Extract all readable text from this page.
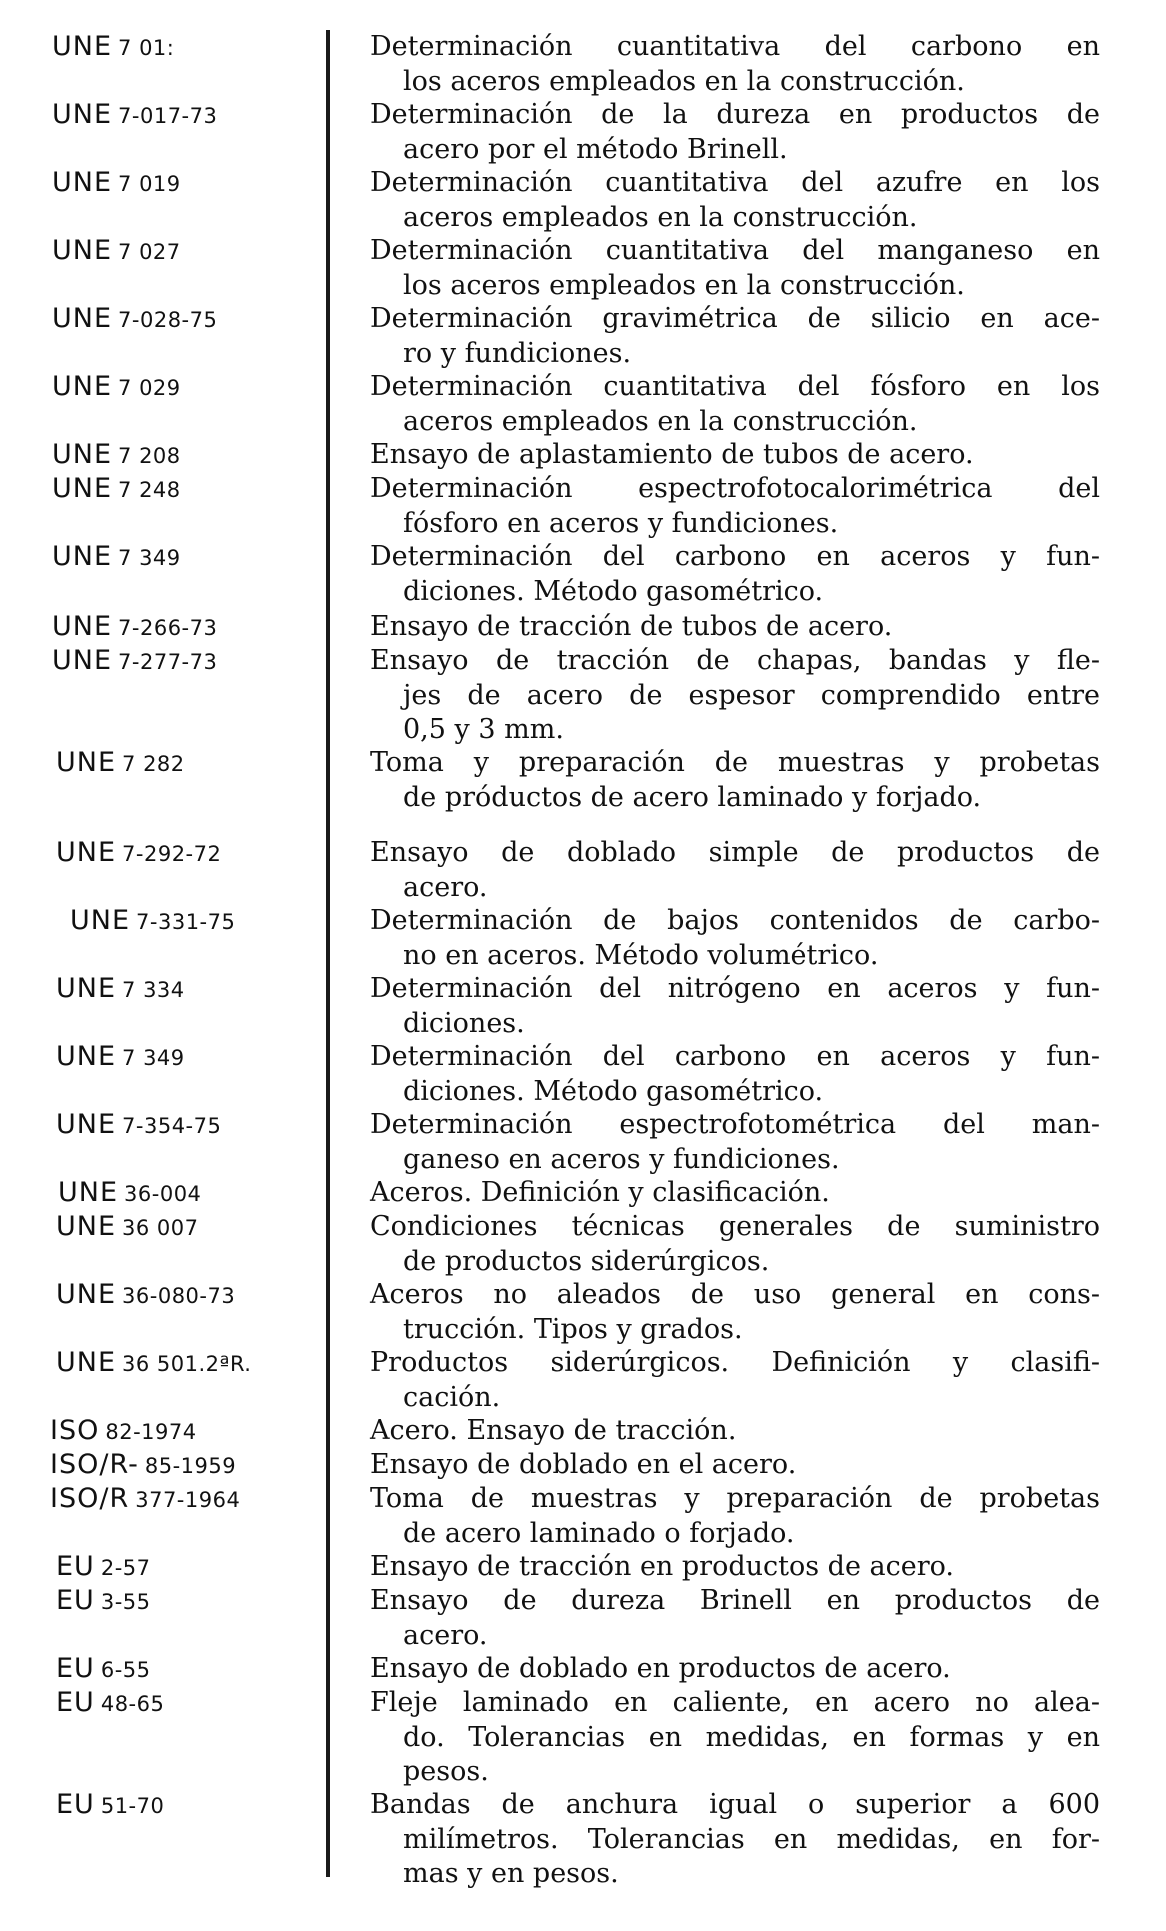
UNE 7 01:	Determinación cuantitativa del carbono en
los aceros empleados en la construcción.
UNE 7-017-73	Determinación de la dureza en productos de
acero por el método Brinell.
UNE 7 019	Determinación cuantitativa del azufre en los
aceros empleados en la construcción.
UNE 7 027	Determinación cuantitativa del manganeso en
los aceros empleados en la construcción.
UNE 7-028-75	Determinación gravimétrica de silicio en ace-
ro y fundiciones.
UNE 7 029	Determinación cuantitativa del fósforo en los
aceros empleados en la construcción.
UNE 7 208	Ensayo de aplastamiento de tubos de acero.
UNE 7 248	Determinación espectrofotocalorimétrica del
fósforo en aceros y fundiciones.
UNE 7 349	Determinación del carbono en aceros y fun-
diciones. Método gasométrico.
UNE 7-266-73	Ensayo de tracción de tubos de acero.
UNE 7-277-73	Ensayo de tracción de chapas, bandas y fle-
jes de acero de espesor comprendido entre
0,5 y 3 mm.
UNE 7 282	Toma y preparación de muestras y probetas
de próductos de acero laminado y forjado.
UNE 7-292-72	Ensayo de doblado simple de productos de
acero.
UNE 7-331-75	Determinación de bajos contenidos de carbo-
no en aceros. Método volumétrico.
UNE 7 334	Determinación del nitrógeno en aceros y fun-
diciones.
UNE 7 349	Determinación del carbono en aceros y fun-
diciones. Método gasométrico.
UNE 7-354-75	Determinación espectrofotométrica del man-
ganeso en aceros y fundiciones.
UNE 36-004	Aceros. Definición y clasificación.
UNE 36 007	Condiciones técnicas generales de suministro
de productos siderúrgicos.
UNE 36-080-73	Aceros no aleados de uso general en cons-
trucción. Tipos y grados.
UNE 36 501.2ªR.	Productos siderúrgicos. Definición y clasifi-
cación.
ISO 82-1974	Acero. Ensayo de tracción.
ISO/R- 85-1959	Ensayo de doblado en el acero.
ISO/R 377-1964	Toma de muestras y preparación de probetas
de acero laminado o forjado.
EU 2-57	Ensayo de tracción en productos de acero.
EU 3-55	Ensayo de dureza Brinell en productos de
acero.
EU 6-55	Ensayo de doblado en productos de acero.
EU 48-65	Fleje laminado en caliente, en acero no alea-
do. Tolerancias en medidas, en formas y en
pesos.
EU 51-70	Bandas de anchura igual o superior a 600
milímetros. Tolerancias en medidas, en for-
mas y en pesos.
